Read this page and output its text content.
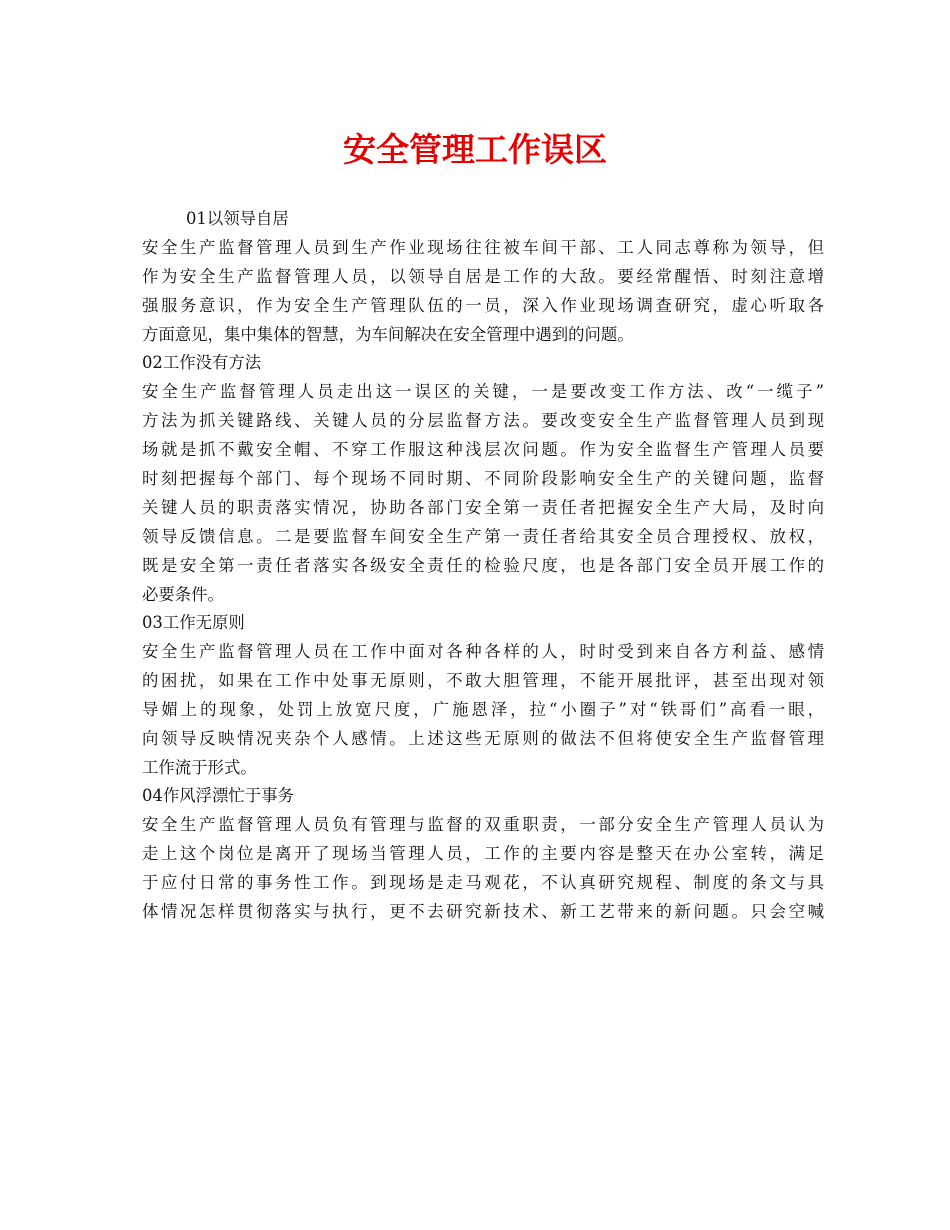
安全管理工作误区
01以领导自居
安全生产监督管理人员到生产作业现场往往被车间干部、工人同志尊称为领导，但
作为安全生产监督管理人员，以领导自居是工作的大敌。要经常醒悟、时刻注意增
强服务意识，作为安全生产管理队伍的一员，深入作业现场调查研究，虚心听取各
方面意见，集中集体的智慧，为车间解决在安全管理中遇到的问题。
02工作没有方法
安全生产监督管理人员走出这一误区的关键，一是要改变工作方法、改“一缆子”
方法为抓关键路线、关键人员的分层监督方法。要改变安全生产监督管理人员到现
场就是抓不戴安全帽、不穿工作服这种浅层次问题。作为安全监督生产管理人员要
时刻把握每个部门、每个现场不同时期、不同阶段影响安全生产的关键问题，监督
关键人员的职责落实情况，协助各部门安全第一责任者把握安全生产大局，及时向
领导反馈信息。二是要监督车间安全生产第一责任者给其安全员合理授权、放权，
既是安全第一责任者落实各级安全责任的检验尺度，也是各部门安全员开展工作的
必要条件。
03工作无原则
安全生产监督管理人员在工作中面对各种各样的人，时时受到来自各方利益、感情
的困扰，如果在工作中处事无原则，不敢大胆管理，不能开展批评，甚至出现对领
导媚上的现象，处罚上放宽尺度，广施恩泽，拉“小圈子”对“铁哥们”高看一眼，
向领导反映情况夹杂个人感情。上述这些无原则的做法不但将使安全生产监督管理
工作流于形式。
04作风浮漂忙于事务
安全生产监督管理人员负有管理与监督的双重职责，一部分安全生产管理人员认为
走上这个岗位是离开了现场当管理人员，工作的主要内容是整天在办公室转，满足
于应付日常的事务性工作。到现场是走马观花，不认真研究规程、制度的条文与具
体情况怎样贯彻落实与执行，更不去研究新技术、新工艺带来的新问题。只会空喊
